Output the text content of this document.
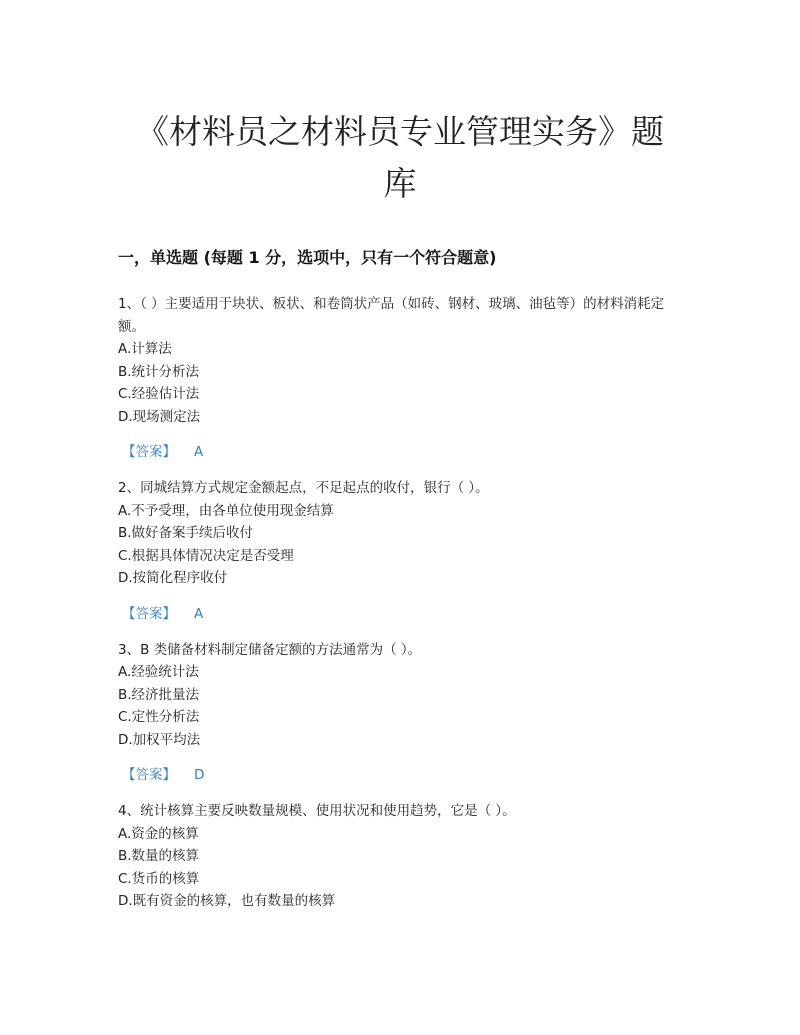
《材料员之材料员专业管理实务》题库
一，单选题 (每题 1 分，选项中，只有一个符合题意)

1、（ ）主要适用于块状、板状、和卷筒状产品（如砖、钢材、玻璃、油毡等）的材料消耗定额。

A.计算法

B.统计分析法

C.经验估计法

D.现场测定法

【答案】 A

2、同城结算方式规定金额起点，不足起点的收付，银行（ ）。

A.不予受理，由各单位使用现金结算

B.做好备案手续后收付

C.根据具体情况决定是否受理

D.按简化程序收付

【答案】 A

3、B 类储备材料制定储备定额的方法通常为（ ）。

A.经验统计法

B.经济批量法

C.定性分析法

D.加权平均法

【答案】 D

4、统计核算主要反映数量规模、使用状况和使用趋势，它是（ ）。

A.资金的核算

B.数量的核算

C.货币的核算

D.既有资金的核算，也有数量的核算
